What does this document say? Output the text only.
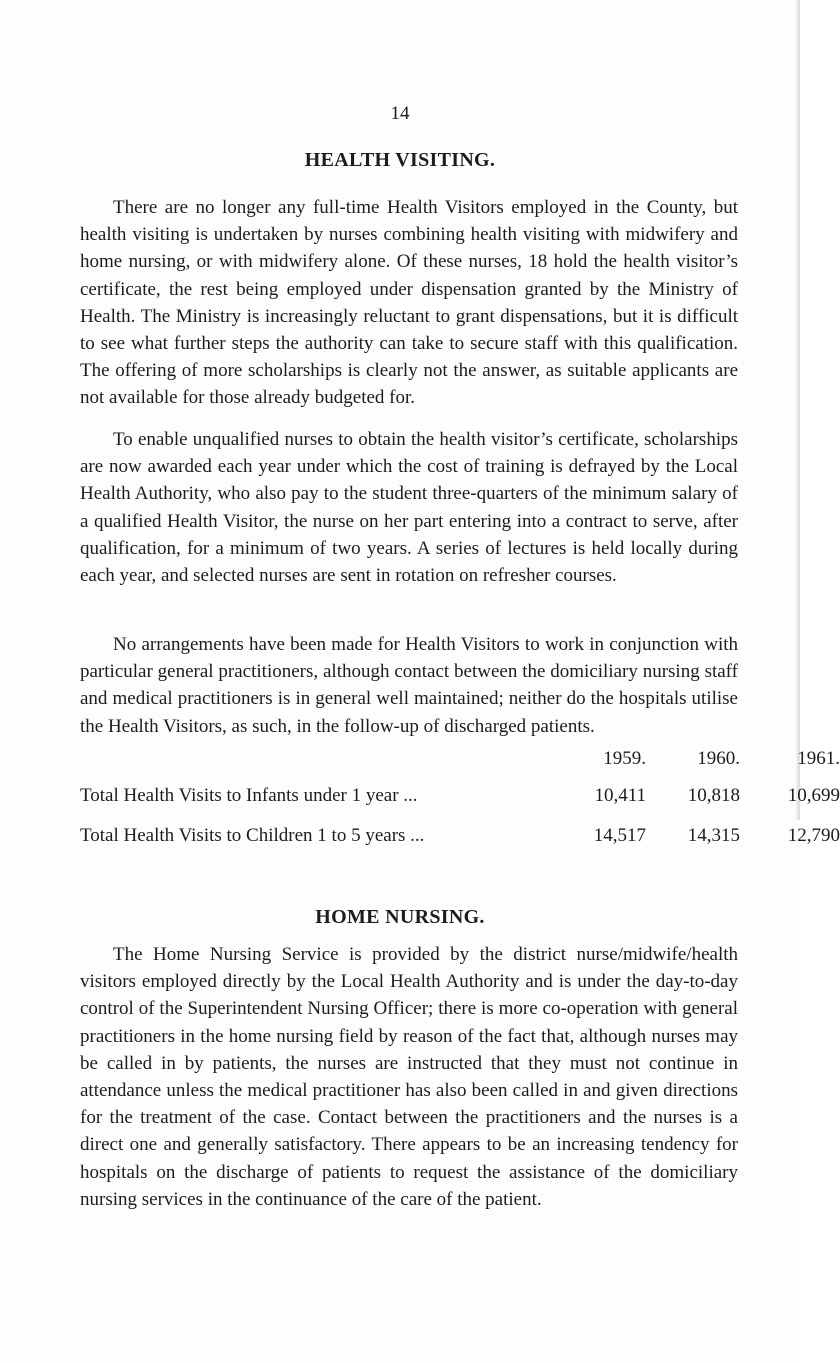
14
HEALTH VISITING.

There are no longer any full-time Health Visitors employed in the County, but health visiting is undertaken by nurses combining health visiting with midwifery and home nursing, or with midwifery alone. Of these nurses, 18 hold the health visitor’s certificate, the rest being employed under dispensation granted by the Ministry of Health. The Ministry is increasingly reluctant to grant dispensations, but it is difficult to see what further steps the authority can take to secure staff with this qualification. The offering of more scholarships is clearly not the answer, as suitable applicants are not available for those already budgeted for.

To enable unqualified nurses to obtain the health visitor’s certificate, scholarships are now awarded each year under which the cost of training is defrayed by the Local Health Authority, who also pay to the student three-quarters of the minimum salary of a qualified Health Visitor, the nurse on her part entering into a contract to serve, after qualification, for a minimum of two years. A series of lectures is held locally during each year, and selected nurses are sent in rotation on refresher courses.

No arrangements have been made for Health Visitors to work in conjunction with particular general practitioners, although contact between the domiciliary nursing staff and medical practitioners is in general well maintained; neither do the hospitals utilise the Health Visitors, as such, in the follow-up of discharged patients.

1959.	1960.	1961.
Total Health Visits to Infants under 1 year ...	10,411	10,818	10,699
Total Health Visits to Children 1 to 5 years ...	14,517	14,315	12,790
HOME NURSING.

The Home Nursing Service is provided by the district nurse/midwife/health visitors employed directly by the Local Health Authority and is under the day-to-day control of the Superintendent Nursing Officer; there is more co-operation with general practitioners in the home nursing field by reason of the fact that, although nurses may be called in by patients, the nurses are instructed that they must not continue in attendance unless the medical practitioner has also been called in and given directions for the treatment of the case. Contact between the practitioners and the nurses is a direct one and generally satisfactory. There appears to be an increasing tendency for hospitals on the discharge of patients to request the assistance of the domiciliary nursing services in the continuance of the care of the patient.
